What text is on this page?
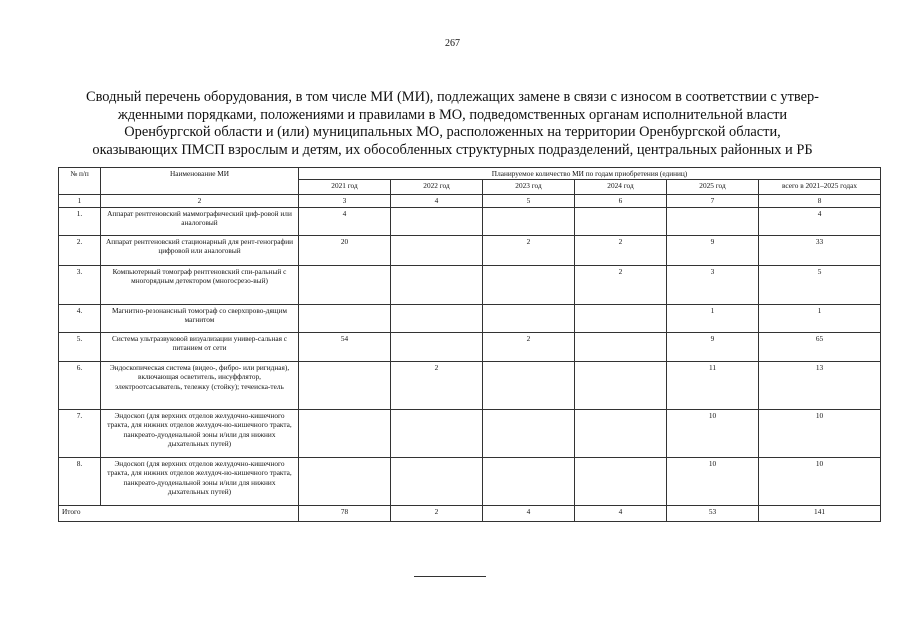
267
Сводный перечень оборудования, в том числе МИ (МИ), подлежащих замене в связи с износом в соответствии с утвер- жденными порядками, положениями и правилами в МО, подведомственных органам исполнительной власти Оренбургской области и (или) муниципальных МО, расположенных на территории Оренбургской области, оказывающих ПМСП взрослым и детям, их обособленных структурных подразделений, центральных районных и РБ
№ п/п	Наименование МИ	Планируемое количество МИ по годам приобретения (единиц)					
		2021 год	2022 год	2023 год	2024 год	2025 год	всего в 2021–2025 годах
1	2	3	4	5	6	7	8
1.	Аппарат рентгеновский маммографический циф-ровой или аналоговый	4					4
2.	Аппарат рентгеновский стационарный для рент-генографии цифровой или аналоговый	20		2	2	9	33
3.	Компьютерный томограф рентгеновский спи-ральный с многорядным детектором (многосрезо-вый)				2	3	5
4.	Магнитно-резонансный томограф со сверхпрово-дящим магнитом					1	1
5.	Система ультразвуковой визуализации универ-сальная с питанием от сети	54		2		9	65
6.	Эндоскопическая система (видео-, фибро- или ригидная), включающая осветитель, инсуффлятор, электроотсасыватель, тележку (стойку); течеиска-тель		2			11	13
7.	Эндоскоп (для верхних отделов желудочно-кишечного тракта, для нижних отделов желудоч-но-кишечного тракта, панкреато-дуоденальной зоны и/или для нижних дыхательных путей)					10	10
8.	Эндоскоп (для верхних отделов желудочно-кишечного тракта, для нижних отделов желудоч-но-кишечного тракта, панкреато-дуоденальной зоны и/или для нижних дыхательных путей)					10	10
Итого		78	2	4	4	53	141
